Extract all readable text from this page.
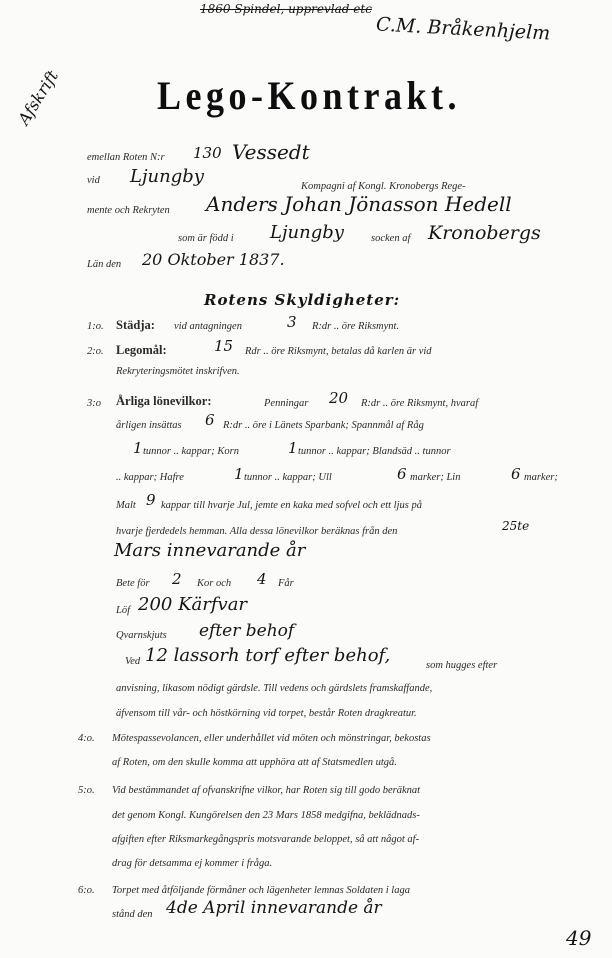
1860 Spindel, upprevlad etc
C.M. Bråkenhjelm
Afskrift Lego-Kontrakt.
emellan Roten N:r 130 Vessedt
vid Ljungby	Kompagni af Kongl. Kronobergs Rege-
mente och Rekryten Anders Johan Jönasson Hedell
som är född i Ljungby	socken af Kronobergs
Län den 20 Oktober 1837.
Rotens Skyldigheter:
1:o. Städja: vid antagningen	3 R:dr .. öre Riksmynt.
2:o. Legomål:	15 Rdr .. öre Riksmynt, betalas då karlen är vid
Rekryteringsmötet inskrifven.
3:o Årliga lönevilkor:	Penningar 20 R:dr .. öre Riksmynt, hvaraf
årligen insättas 6 R:dr .. öre i Länets Sparbank; Spannmål af Råg
1 tunnor .. kappar; Korn	1 tunnor .. kappar; Blandsäd .. tunnor
.. kappar; Hafre	1 tunnor .. kappar; Ull	6 marker; Lin	6 marker;
Malt 9 kappar till hvarje Jul, jemte en kaka med sofvel och ett ljus på
hvarje fjerdedels hemman. Alla dessa lönevilkor beräknas från den	25te
Mars innevarande år
Bete för 2 Kor och 4 Får
Löf 200 Kärfvar
Qvarnskjuts efter behof
Ved 12 lassorh torf efter behof,	som hugges efter
anvisning, likasom nödigt gärdsle. Till vedens och gärdslets framskaffande,
äfvensom till vår- och höstkörning vid torpet, består Roten dragkreatur.
4:o. Mötespassevolancen, eller underhållet vid möten och mönstringar, bekostas
af Roten, om den skulle komma att upphöra att af Statsmedlen utgå.
5:o. Vid bestämmandet af ofvanskrifne vilkor, har Roten sig till godo beräknat
det genom Kongl. Kungörelsen den 23 Mars 1858 medgifna, beklädnads-
afgiften efter Riksmarkegångspris motsvarande beloppet, så att något af-
drag för detsamma ej kommer i fråga.
6:o. Torpet med åtföljande förmåner och lägenheter lemnas Soldaten i laga
stånd den 4de April innevarande år
49
